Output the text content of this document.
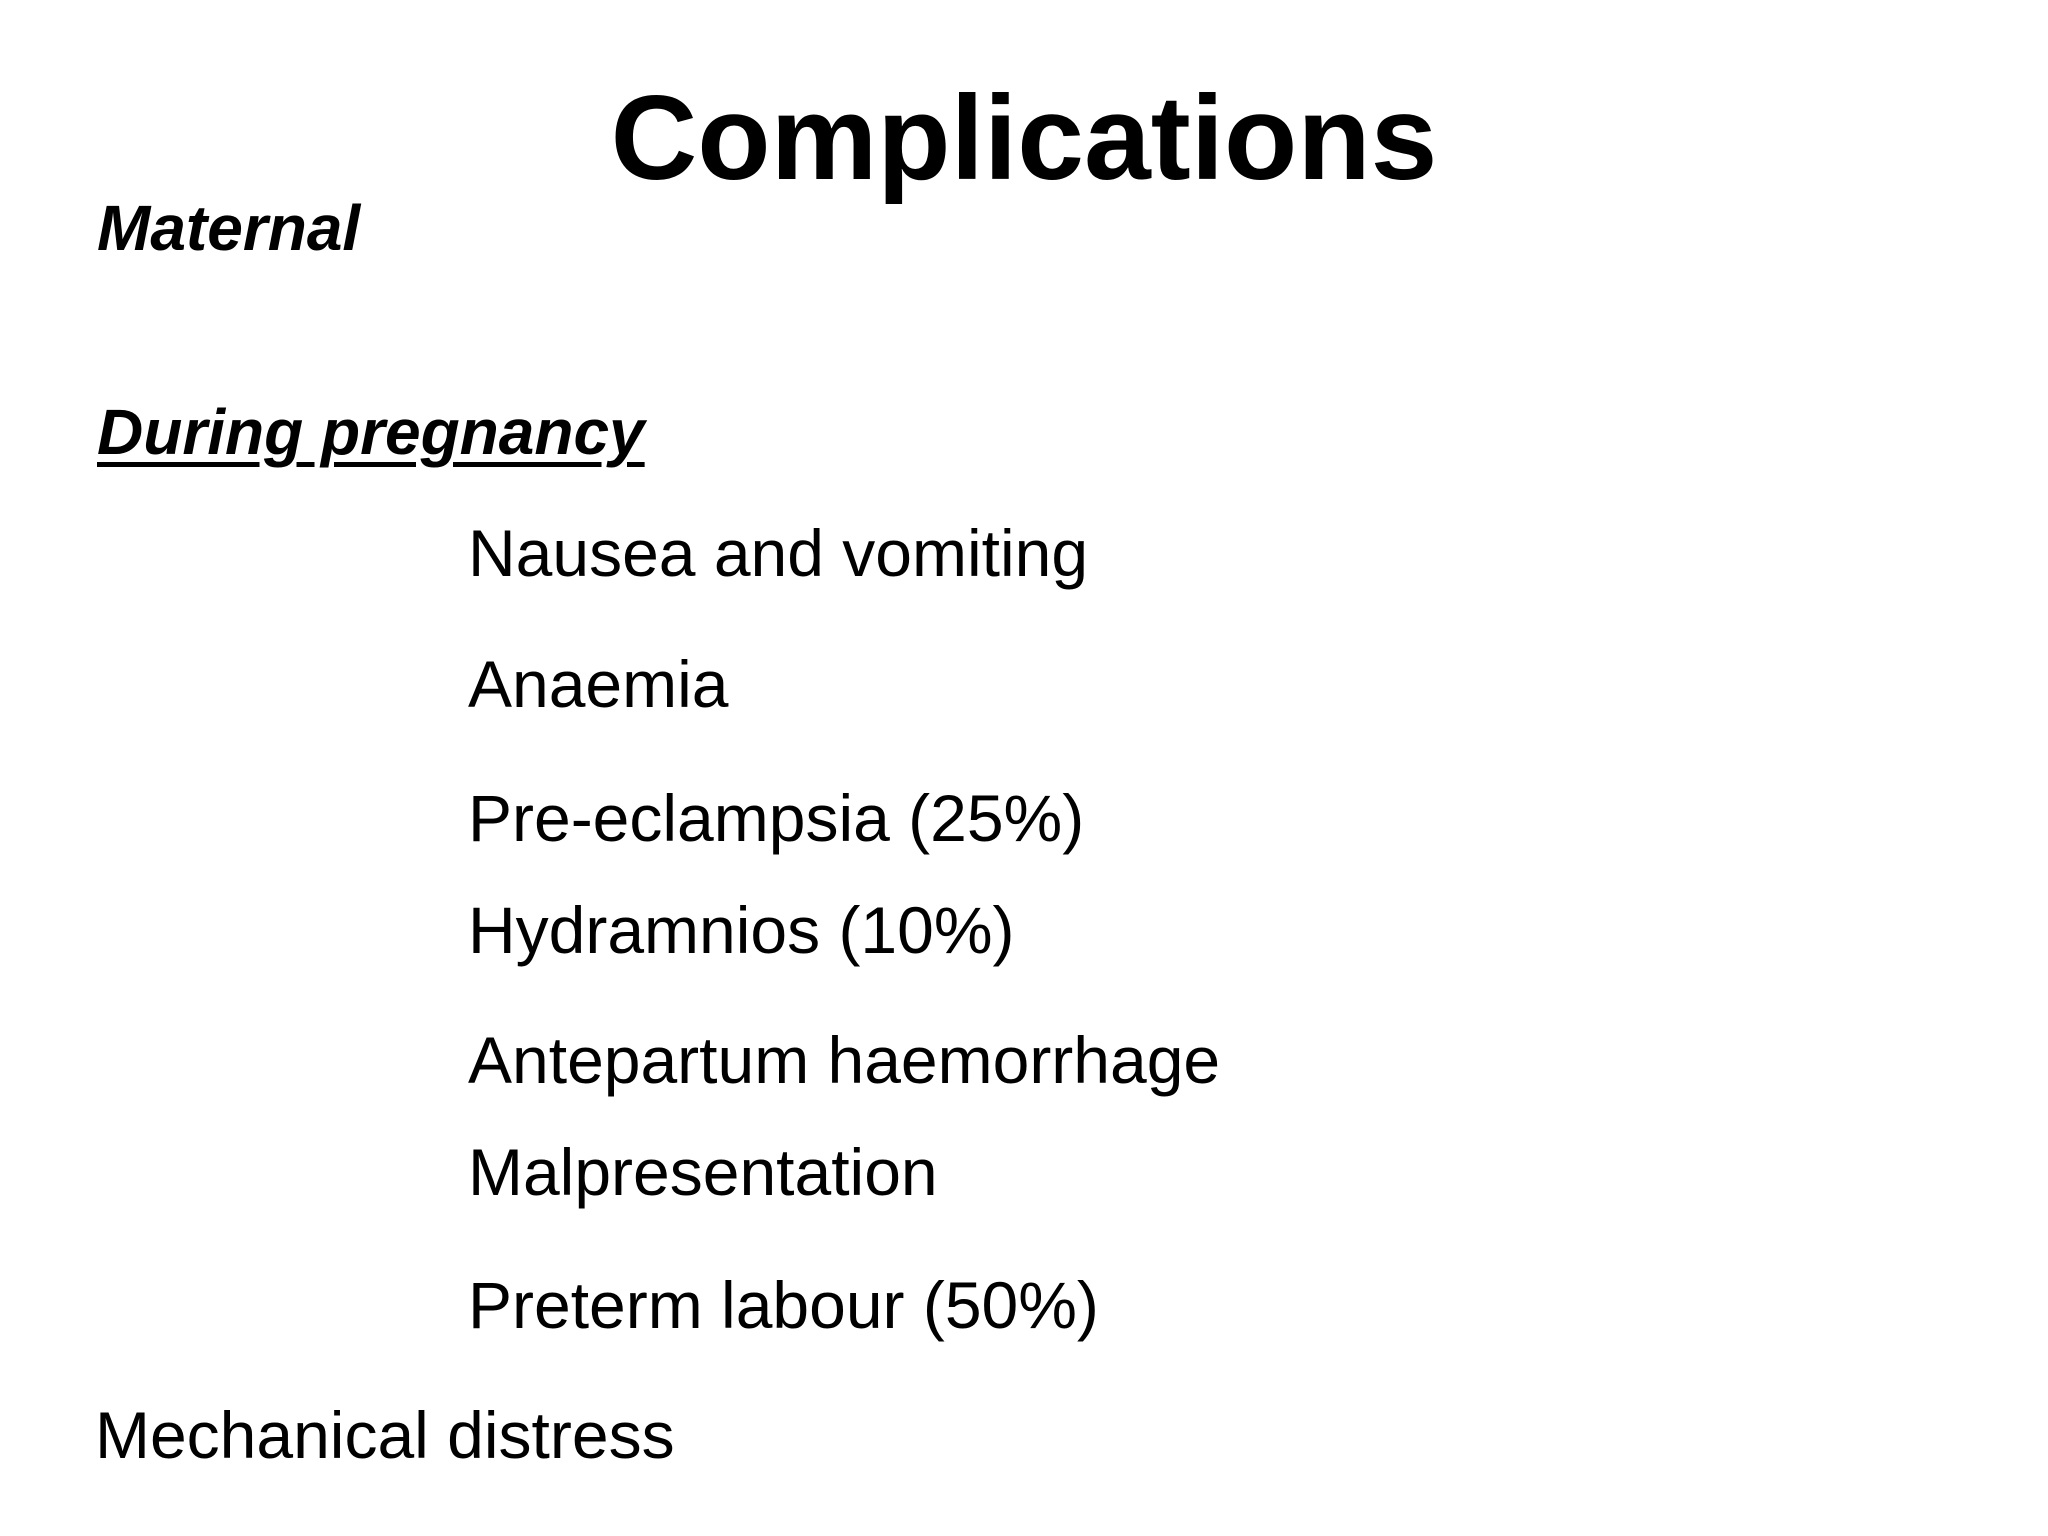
Complications
Maternal
During pregnancy
Nausea and vomiting
Anaemia
Pre-eclampsia (25%)
Hydramnios (10%)
Antepartum haemorrhage
Malpresentation
Preterm labour (50%)
Mechanical distress
